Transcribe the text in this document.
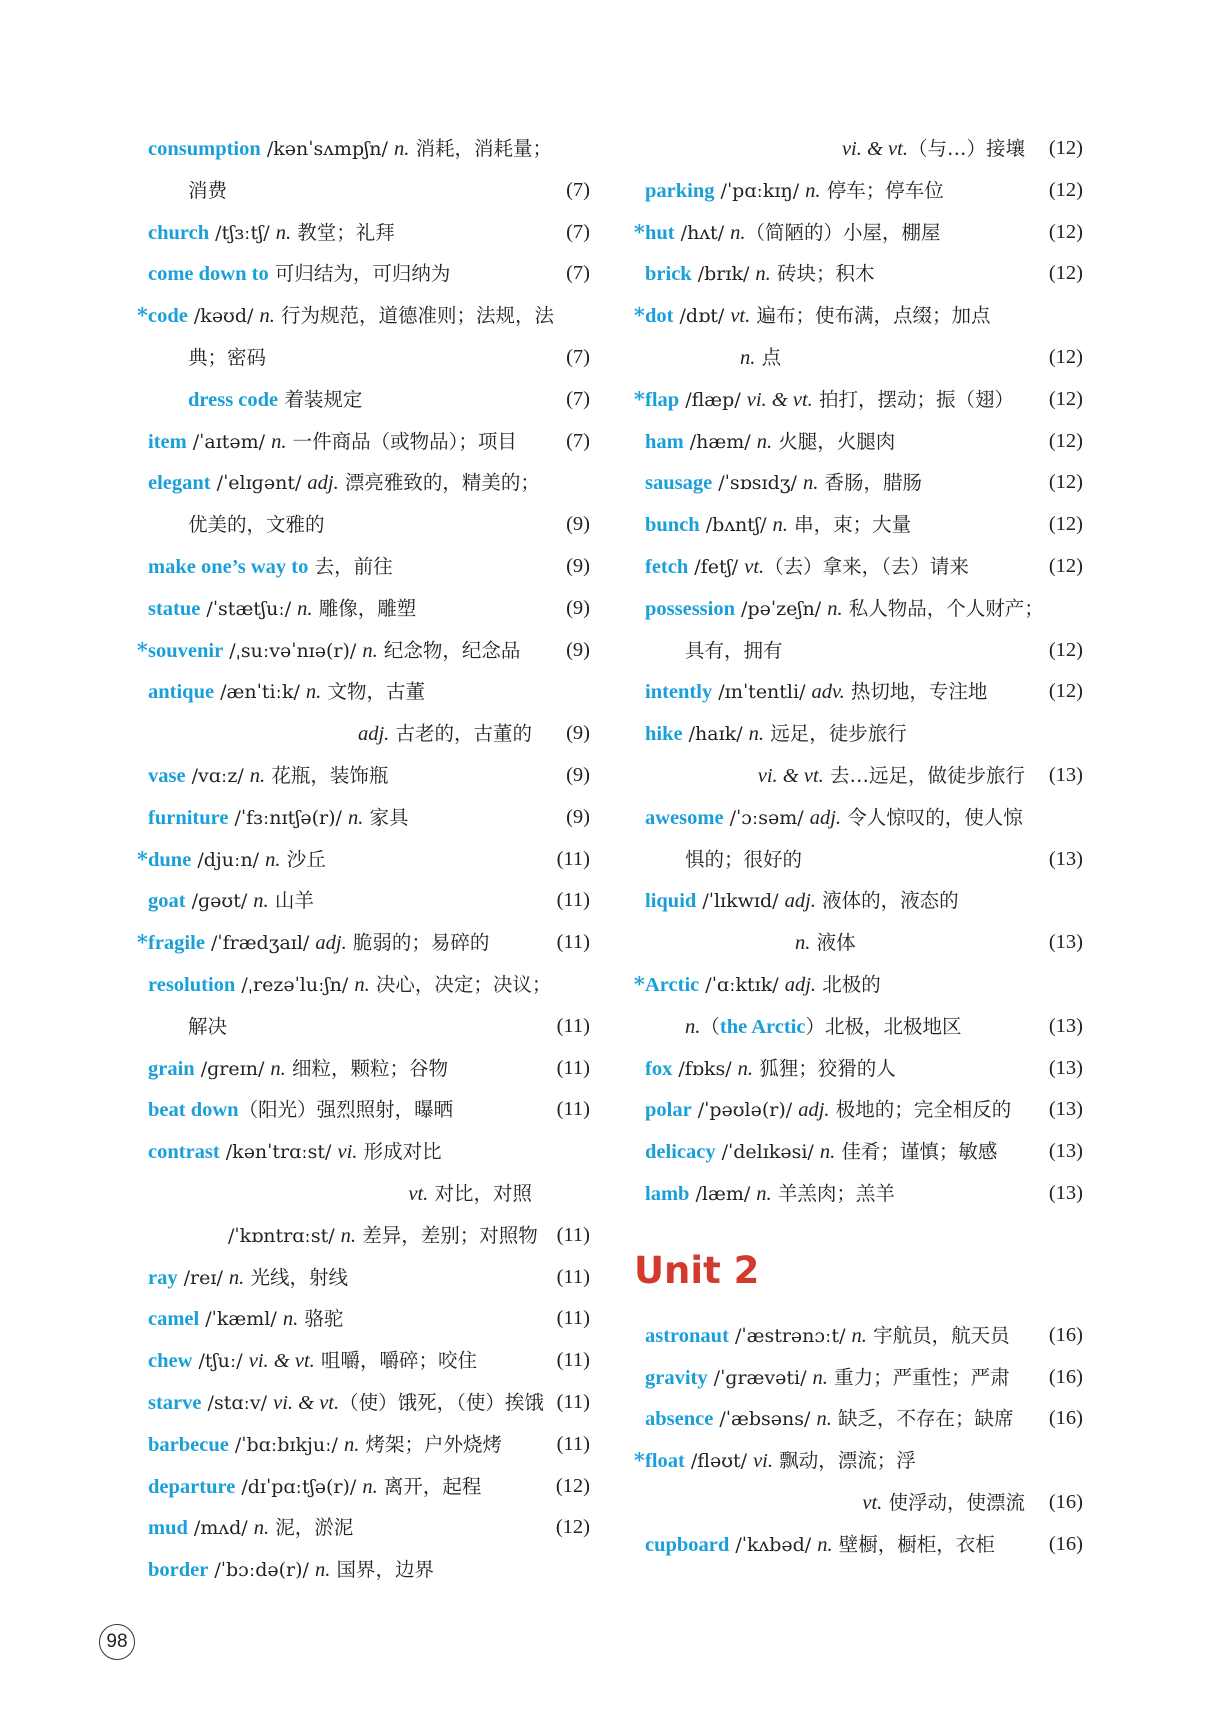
consumption /kənˈsʌmpʃn/ n. 消耗，消耗量；
消费	(7)
church /tʃɜːtʃ/ n. 教堂；礼拜	(7)
come down to 可归结为，可归纳为	(7)
* code /kəʊd/ n. 行为规范，道德准则；法规，法
典；密码	(7)
dress code 着装规定	(7)
item /ˈaɪtəm/ n. 一件商品（或物品）；项目	(7)
elegant /ˈelɪɡənt/ adj. 漂亮雅致的，精美的；
优美的，文雅的	(9)
make one’s way to 去，前往	(9)
statue /ˈstætʃuː/ n. 雕像，雕塑	(9)
* souvenir /ˌsuːvəˈnɪə(r)/ n. 纪念物，纪念品	(9)
antique /ænˈtiːk/ n. 文物，古董
adj. 古老的，古董的	(9)
vase /vɑːz/ n. 花瓶，装饰瓶	(9)
furniture /ˈfɜːnɪtʃə(r)/ n. 家具	(9)
* dune /djuːn/ n. 沙丘	(11)
goat /ɡəʊt/ n. 山羊	(11)
* fragile /ˈfrædʒaɪl/ adj. 脆弱的；易碎的	(11)
resolution /ˌrezəˈluːʃn/ n. 决心，决定；决议；
解决	(11)
grain /ɡreɪn/ n. 细粒，颗粒；谷物	(11)
beat down（阳光）强烈照射，曝晒	(11)
contrast /kənˈtrɑːst/ vi. 形成对比
vt. 对比，对照
/ˈkɒntrɑːst/ n. 差异，差别；对照物 (11)
ray /reɪ/ n. 光线，射线	(11)
camel /ˈkæml/ n. 骆驼	(11)
chew /tʃuː/ vi. & vt. 咀嚼，嚼碎；咬住	(11)
starve /stɑːv/ vi. & vt.（使）饿死，（使）挨饿 (11)
barbecue /ˈbɑːbɪkjuː/ n. 烤架；户外烧烤	(11)
departure /dɪˈpɑːtʃə(r)/ n. 离开，起程	(12)
mud /mʌd/ n. 泥，淤泥	(12)
border /ˈbɔːdə(r)/ n. 国界，边界
vi. & vt.（与…）接壤	(12)
parking /ˈpɑːkɪŋ/ n. 停车；停车位	(12)
* hut /hʌt/ n.（简陋的）小屋，棚屋	(12)
brick /brɪk/ n. 砖块；积木	(12)
* dot /dɒt/ vt. 遍布；使布满，点缀；加点
n. 点	(12)
* flap /flæp/ vi. & vt. 拍打，摆动；振（翅）	(12)
ham /hæm/ n. 火腿，火腿肉	(12)
sausage /ˈsɒsɪdʒ/ n. 香肠，腊肠	(12)
bunch /bʌntʃ/ n. 串，束；大量	(12)
fetch /fetʃ/ vt.（去）拿来，（去）请来	(12)
possession /pəˈzeʃn/ n. 私人物品，个人财产；
具有，拥有	(12)
intently /ɪnˈtentli/ adv. 热切地，专注地	(12)
hike /haɪk/ n. 远足，徒步旅行
vi. & vt. 去…远足，做徒步旅行	(13)
awesome /ˈɔːsəm/ adj. 令人惊叹的，使人惊
惧的；很好的	(13)
liquid /ˈlɪkwɪd/ adj. 液体的，液态的
n. 液体	(13)
* Arctic /ˈɑːktɪk/ adj. 北极的
n.（the Arctic）北极，北极地区	(13)
fox /fɒks/ n. 狐狸；狡猾的人	(13)
polar /ˈpəʊlə(r)/ adj. 极地的；完全相反的	(13)
delicacy /ˈdelɪkəsi/ n. 佳肴；谨慎；敏感	(13)
lamb /læm/ n. 羊羔肉；羔羊	(13)
Unit 2
astronaut /ˈæstrənɔːt/ n. 宇航员，航天员	(16)
gravity /ˈɡrævəti/ n. 重力；严重性；严肃	(16)
absence /ˈæbsəns/ n. 缺乏，不存在；缺席	(16)
* float /fləʊt/ vi. 飘动，漂流；浮
vt. 使浮动，使漂流	(16)
cupboard /ˈkʌbəd/ n. 壁橱，橱柜，衣柜	(16)
98
